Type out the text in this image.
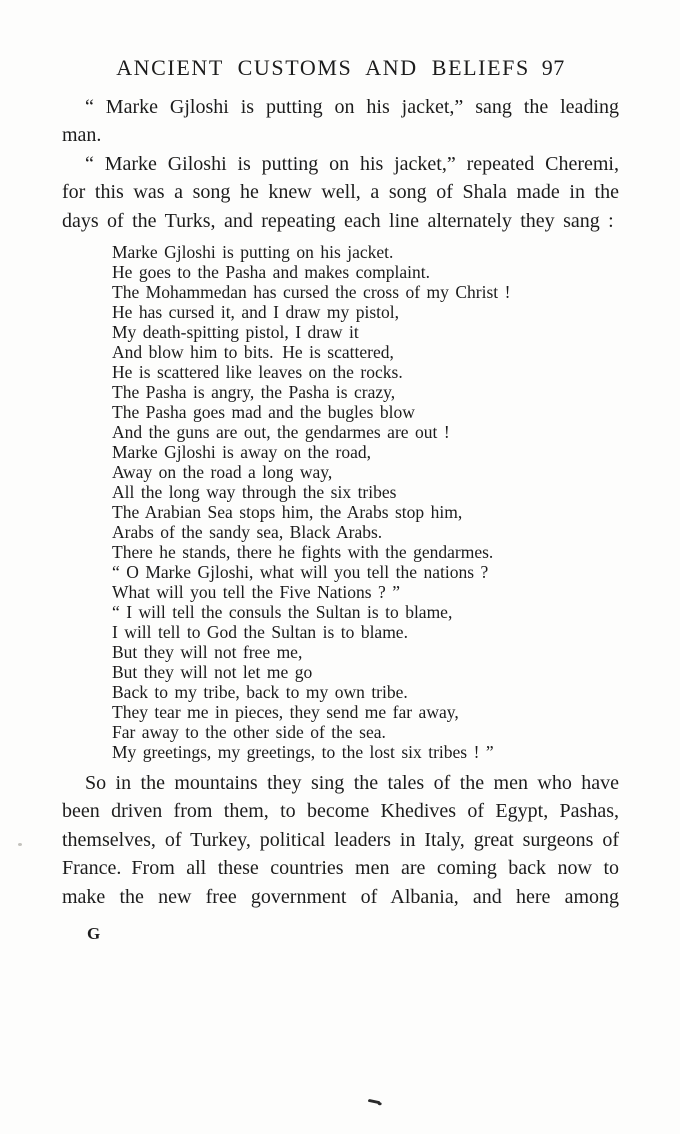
ANCIENT CUSTOMS AND BELIEFS 97

“ Marke Gjloshi is putting on his jacket,” sang the leading man.

“ Marke Giloshi is putting on his jacket,” repeated Cheremi, for this was a song he knew well, a song of Shala made in the days of the Turks, and repeating each line alternately they sang :

Marke Gjloshi is putting on his jacket.
He goes to the Pasha and makes complaint.
The Mohammedan has cursed the cross of my Christ !
He has cursed it, and I draw my pistol,
My death-spitting pistol, I draw it
And blow him to bits. He is scattered,
He is scattered like leaves on the rocks.
The Pasha is angry, the Pasha is crazy,
The Pasha goes mad and the bugles blow
And the guns are out, the gendarmes are out !
Marke Gjloshi is away on the road,
Away on the road a long way,
All the long way through the six tribes
The Arabian Sea stops him, the Arabs stop him,
Arabs of the sandy sea, Black Arabs.
There he stands, there he fights with the gendarmes.
“ O Marke Gjloshi, what will you tell the nations ?
What will you tell the Five Nations ? ”
“ I will tell the consuls the Sultan is to blame,
I will tell to God the Sultan is to blame.
But they will not free me,
But they will not let me go
Back to my tribe, back to my own tribe.
They tear me in pieces, they send me far away,
Far away to the other side of the sea.
My greetings, my greetings, to the lost six tribes ! ”

So in the mountains they sing the tales of the men who have been driven from them, to become Khedives of Egypt, Pashas, themselves, of Turkey, political leaders in Italy, great surgeons of France. From all these countries men are coming back now to make the new free government of Albania, and here among

G
